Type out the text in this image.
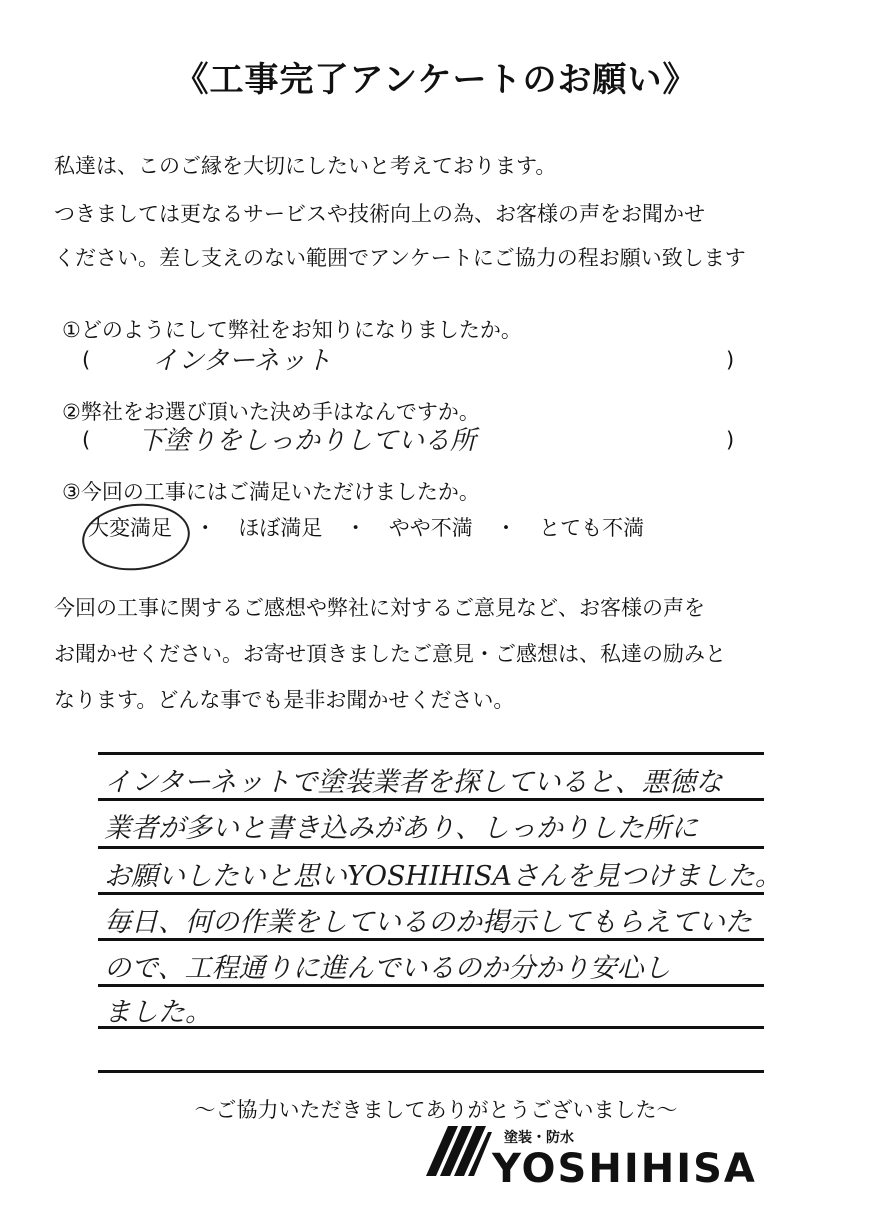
《工事完了アンケートのお願い》
私達は、このご縁を大切にしたいと考えております。
つきましては更なるサービスや技術向上の為、お客様の声をお聞かせ
ください。差し支えのない範囲でアンケートにご協力の程お願い致します
①どのようにして弊社をお知りになりましたか。
( インターネット	)
②弊社をお選び頂いた決め手はなんですか。
( 下塗りをしっかりしている所	)
③今回の工事にはご満足いただけましたか。
大変満足 ・ ほぼ満足 ・ やや不満 ・ とても不満
今回の工事に関するご感想や弊社に対するご意見など、お客様の声を
お聞かせください。お寄せ頂きましたご意見・ご感想は、私達の励みと
なります。どんな事でも是非お聞かせください。
インターネットで塗装業者を探していると、悪徳な
業者が多いと書き込みがあり、しっかりした所に
お願いしたいと思いYOSHIHISAさんを見つけました。
毎日、何の作業をしているのか掲示してもらえていた
ので、工程通りに進んでいるのか分かり安心し
ました。
～ご協力いただきましてありがとうございました～
塗装・防水
YOSHIHISA
